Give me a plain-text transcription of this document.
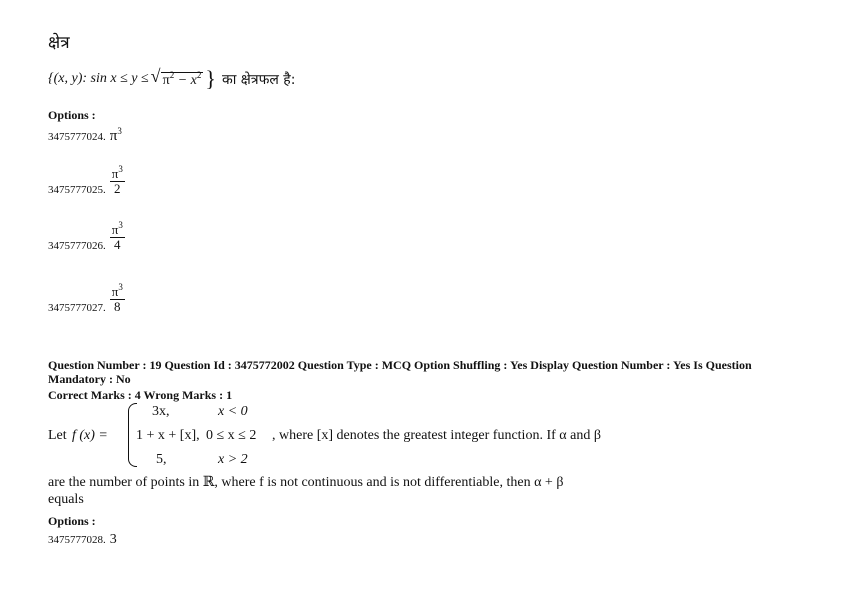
क्षेत्र
{(x, y): sin x ≤ y ≤ √ $\pi^2 - x^2$ } का क्षेत्रफल है:
Options :
3475777024. $\pi^3$
3475777025. $\frac{\pi^3}{2}$
3475777026. $\frac{\pi^3}{4}$
3475777027. $\frac{\pi^3}{8}$
Question Number : 19 Question Id : 3475772002 Question Type : MCQ Option Shuffling : Yes Display Question Number : Yes Is Question
Mandatory : No
Correct Marks : 4 Wrong Marks : 1
Let f (x) =
3x,	x < 0
1 + x + [x], 0 ≤ x ≤ 2 , where [x] denotes the greatest integer function. If α and β
5,	x > 2
are the number of points in ℝ, where f is not continuous and is not differentiable, then α + β
equals
Options :
3475777028. 3
